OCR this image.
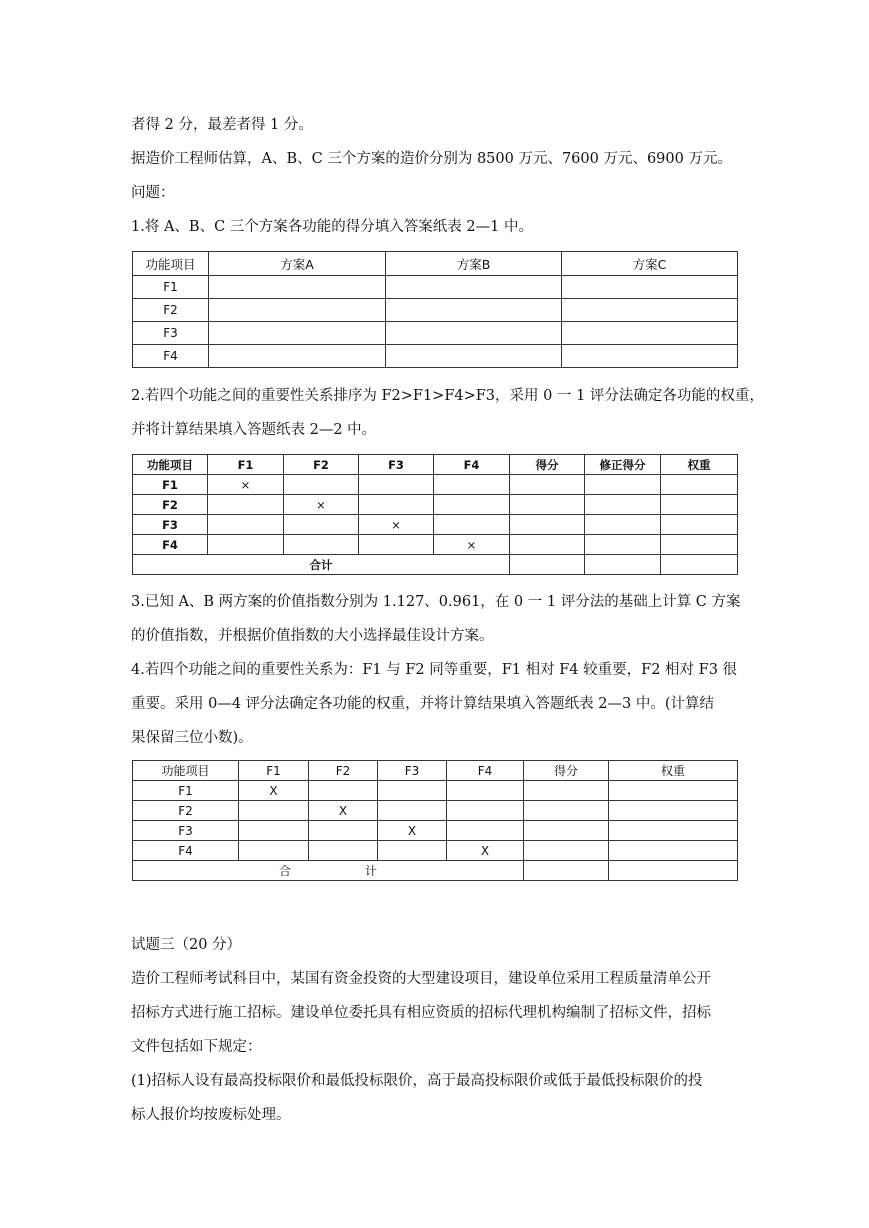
者得 2 分，最差者得 1 分。

据造价工程师估算，A、B、C 三个方案的造价分别为 8500 万元、7600 万元、6900 万元。

问题：

1.将 A、B、C 三个方案各功能的得分填入答案纸表 2—1 中。

功能项目	方案A	方案B	方案C
F1			
F2			
F3			
F4			

2.若四个功能之间的重要性关系排序为 F2>F1>F4>F3，采用 0 一 1 评分法确定各功能的权重，

并将计算结果填入答题纸表 2—2 中。

功能项目	F1	F2	F3	F4	得分	修正得分	权重
F1	×						
F2		×					
F3			×				
F4				×			
合计							

3.已知 A、B 两方案的价值指数分别为 1.127、0.961，在 0 一 1 评分法的基础上计算 C 方案

的价值指数，并根据价值指数的大小选择最佳设计方案。

4.若四个功能之间的重要性关系为：F1 与 F2 同等重要，F1 相对 F4 较重要，F2 相对 F3 很

重要。采用 0—4 评分法确定各功能的权重，并将计算结果填入答题纸表 2—3 中。(计算结

果保留三位小数)。

功能项目	F1	F2	F3	F4	得分	权重
F1	X					
F2		X				
F3			X			
F4				X		
合 计						

试题三（20 分）

造价工程师考试科目中，某国有资金投资的大型建设项目，建设单位采用工程质量清单公开

招标方式进行施工招标。建设单位委托具有相应资质的招标代理机构编制了招标文件，招标

文件包括如下规定：

(1)招标人设有最高投标限价和最低投标限价，高于最高投标限价或低于最低投标限价的投

标人报价均按废标处理。
